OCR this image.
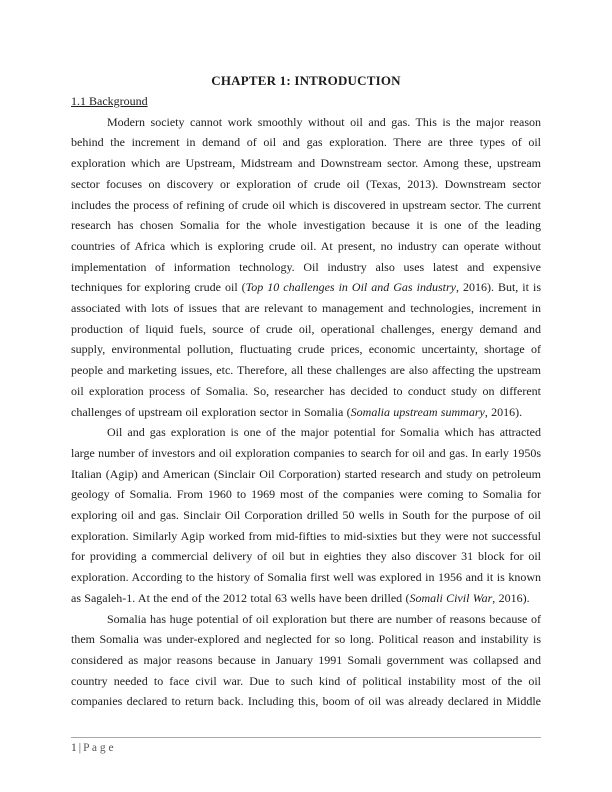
CHAPTER 1: INTRODUCTION
1.1 Background

Modern society cannot work smoothly without oil and gas. This is the major reason behind the increment in demand of oil and gas exploration. There are three types of oil exploration which are Upstream, Midstream and Downstream sector. Among these, upstream sector focuses on discovery or exploration of crude oil (Texas, 2013). Downstream sector includes the process of refining of crude oil which is discovered in upstream sector. The current research has chosen Somalia for the whole investigation because it is one of the leading countries of Africa which is exploring crude oil. At present, no industry can operate without implementation of information technology. Oil industry also uses latest and expensive techniques for exploring crude oil (Top 10 challenges in Oil and Gas industry, 2016). But, it is associated with lots of issues that are relevant to management and technologies, increment in production of liquid fuels, source of crude oil, operational challenges, energy demand and supply, environmental pollution, fluctuating crude prices, economic uncertainty, shortage of people and marketing issues, etc. Therefore, all these challenges are also affecting the upstream oil exploration process of Somalia. So, researcher has decided to conduct study on different challenges of upstream oil exploration sector in Somalia (Somalia upstream summary, 2016).

Oil and gas exploration is one of the major potential for Somalia which has attracted large number of investors and oil exploration companies to search for oil and gas. In early 1950s Italian (Agip) and American (Sinclair Oil Corporation) started research and study on petroleum geology of Somalia. From 1960 to 1969 most of the companies were coming to Somalia for exploring oil and gas. Sinclair Oil Corporation drilled 50 wells in South for the purpose of oil exploration. Similarly Agip worked from mid-fifties to mid-sixties but they were not successful for providing a commercial delivery of oil but in eighties they also discover 31 block for oil exploration. According to the history of Somalia first well was explored in 1956 and it is known as Sagaleh-1. At the end of the 2012 total 63 wells have been drilled (Somali Civil War, 2016).

Somalia has huge potential of oil exploration but there are number of reasons because of them Somalia was under-explored and neglected for so long. Political reason and instability is considered as major reasons because in January 1991 Somali government was collapsed and country needed to face civil war. Due to such kind of political instability most of the oil companies declared to return back. Including this, boom of oil was already declared in Middle

1 | P a g e
